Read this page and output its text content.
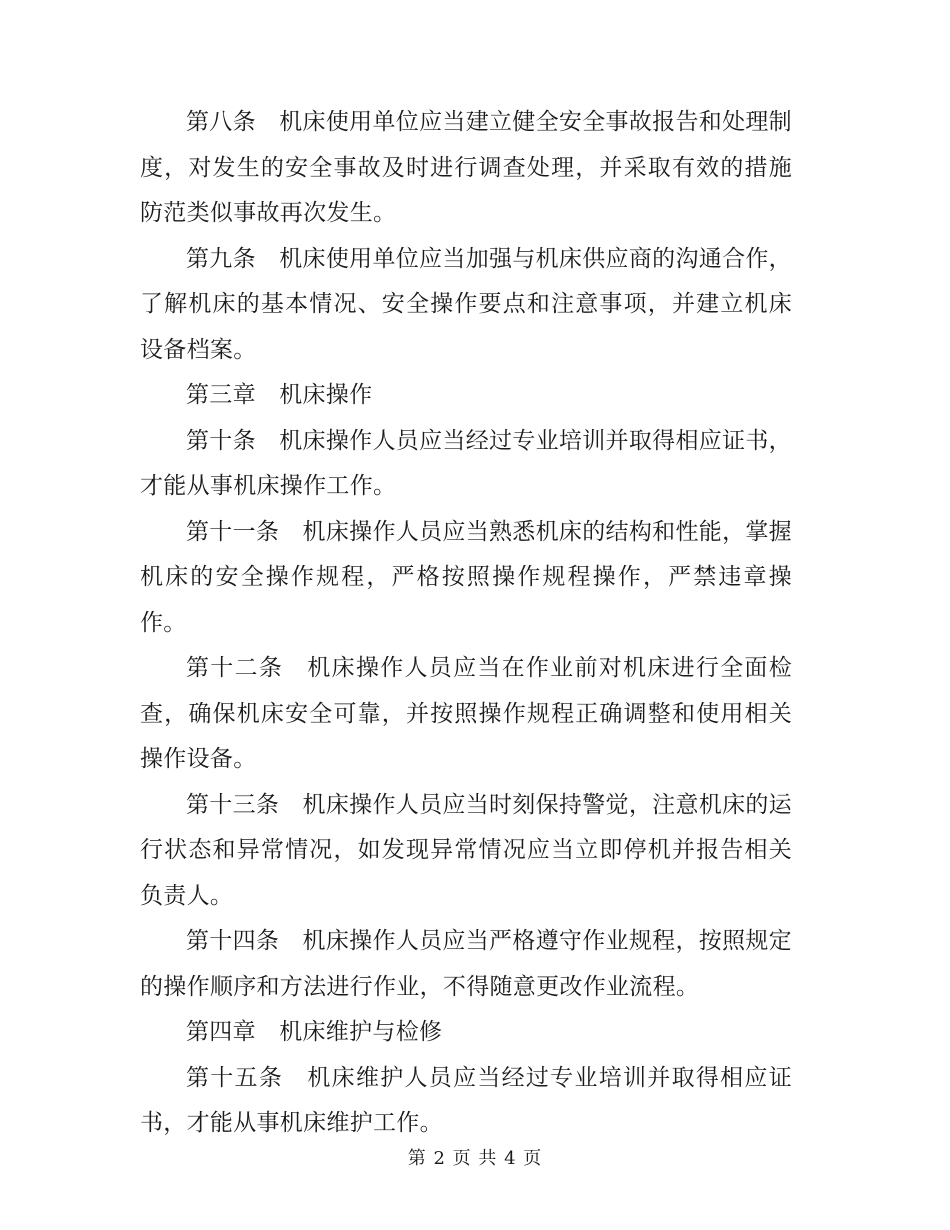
第八条　机床使用单位应当建立健全安全事故报告和处理制度，对发生的安全事故及时进行调查处理，并采取有效的措施防范类似事故再次发生。

第九条　机床使用单位应当加强与机床供应商的沟通合作，了解机床的基本情况、安全操作要点和注意事项，并建立机床设备档案。

第三章　机床操作

第十条　机床操作人员应当经过专业培训并取得相应证书，才能从事机床操作工作。

第十一条　机床操作人员应当熟悉机床的结构和性能，掌握机床的安全操作规程，严格按照操作规程操作，严禁违章操作。

第十二条　机床操作人员应当在作业前对机床进行全面检查，确保机床安全可靠，并按照操作规程正确调整和使用相关操作设备。

第十三条　机床操作人员应当时刻保持警觉，注意机床的运行状态和异常情况，如发现异常情况应当立即停机并报告相关负责人。

第十四条　机床操作人员应当严格遵守作业规程，按照规定的操作顺序和方法进行作业，不得随意更改作业流程。

第四章　机床维护与检修

第十五条　机床维护人员应当经过专业培训并取得相应证书，才能从事机床维护工作。

第 2 页 共 4 页
